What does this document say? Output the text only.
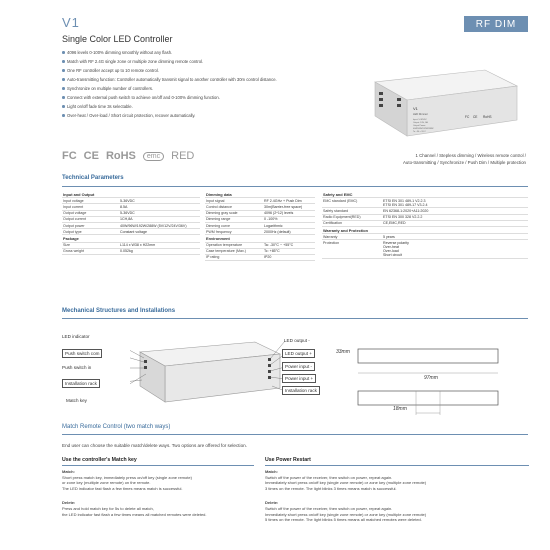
V1	RF DIM
Single Color LED Controller
4096 levels 0-100% dimming smoothly without any flash.
Match with RF 2.4G single zone or multiple zone dimming remote control.
One RF controller accept up to 10 remote control.
Auto-transmitting function: Controller automatically transmit signal to another controller with 30m control distance.
Synchronize on multiple number of controllers.
Connect with external push switch to achieve on/off and 0-100% dimming function.
Light on/off fade time 3s selectable.
Over-heat / Over-load / Short circuit protection, recover automatically.
V1
LED Dimmer
Input: 5-36VDC
Output: 1CH, 8A
Output Power:
40W/96W/192W/288W
Ta: -30~+55°C
FC CE RoHS
FC CE RoHS	emc	RED	1 Channel / Stepless dimming / Wireless remote control /
Auto-transmitting / Synchronize / Push Dim / Multiple protection
Technical Parameters
Input and Output	
Input voltage	5-36VDC
Input current	8.5A
Output voltage	5-36VDC
Output current	1CH,8A
Output power	40W/96W/192W/288W (5V/12V/24V/36V)
Output type	Constant voltage
Package	
Size	L114 x W38 x H22mm
Gross weight	0.052kg
Dimming data	
Input signal	RF 2.4GHz + Push Dim
Control distance	30m(Barrier-free space)
Dimming gray scale	4096 (2^12) levels
Dimming range	0 -100%
Dimming curve	Logarithmic
PWM frequency	2000Hz (default)
Environment	
Operation temperature	Ta: -30°C ~ +55°C
Case temperature (Max.)	Tc: +85°C
IP rating	IP20
Safety and EMC	
EMC standard (EMC)	ETSI EN 301 489-1 V2.2.3
ETSI EN 301 489-17 V3.2.4
Safety standard	EN 62368-1:2020+A11:2020
Radio Equipment(RED)	ETSI EN 300 328 V2.2.2
Certification	CE,EMC,RED
Warranty and Protection	
Warranty	5 years
Protection	Reverse polarity
Over-heat
Over-load
Short circuit
Mechanical Structures and Installations
LED indicator
Push switch com
Push switch in
Installation rack
Match key
LED output -
LED output +
Power input -
Power input +
Installation rack
33mm
97mm
18mm
Match Remote Control (two match ways)
End user can choose the suitable match/delete ways. Two options are offered for selection.
Use the controller's Match key
Match:
Short press match key, immediately press on/off key (single zone remote)
or zone key (multiple zone remote) on the remote.
The LED indicator fast flash a few times means match is successful.
Delete:
Press and hold match key for 5s to delete all match,
the LED indicator fast flash a few times means all matched remotes were deleted.
Use Power Restart
Match:
Switch off the power of the receiver, then switch on power, repeat again.
Immediately short press on/off key (single zone remote) or zone key (multiple zone remote)
3 times on the remote. The light blinks 3 times means match is successful.
Delete:
Switch off the power of the receiver, then switch on power, repeat again.
Immediately short press on/off key (single zone remote) or zone key (multiple zone remote)
5 times on the remote. The light blinks 5 times means all matched remotes were deleted.
